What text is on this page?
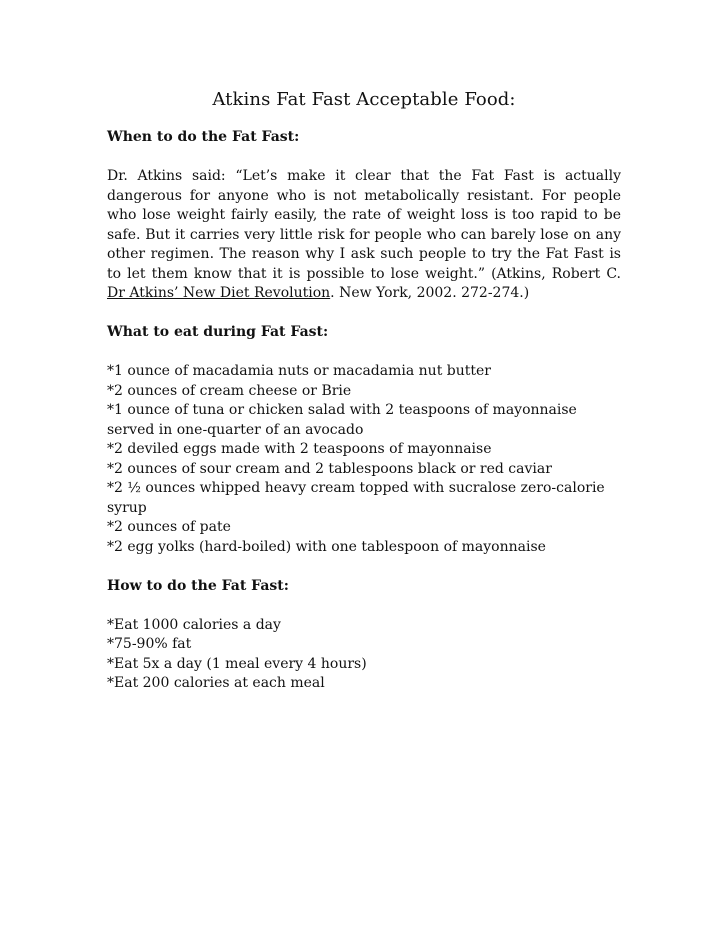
Atkins Fat Fast Acceptable Food:

When to do the Fat Fast:

Dr. Atkins said: “Let’s make it clear that the Fat Fast is actually dangerous for anyone who is not metabolically resistant. For people who lose weight fairly easily, the rate of weight loss is too rapid to be safe. But it carries very little risk for people who can barely lose on any other regimen. The reason why I ask such people to try the Fat Fast is to let them know that it is possible to lose weight.” (Atkins, Robert C. Dr Atkins’ New Diet Revolution. New York, 2002. 272-274.)

What to eat during Fat Fast:

*1 ounce of macadamia nuts or macadamia nut butter
*2 ounces of cream cheese or Brie
*1 ounce of tuna or chicken salad with 2 teaspoons of mayonnaise served in one-quarter of an avocado
*2 deviled eggs made with 2 teaspoons of mayonnaise
*2 ounces of sour cream and 2 tablespoons black or red caviar
*2 ½ ounces whipped heavy cream topped with sucralose zero-calorie syrup
*2 ounces of pate
*2 egg yolks (hard-boiled) with one tablespoon of mayonnaise

How to do the Fat Fast:

*Eat 1000 calories a day
*75-90% fat
*Eat 5x a day (1 meal every 4 hours)
*Eat 200 calories at each meal
